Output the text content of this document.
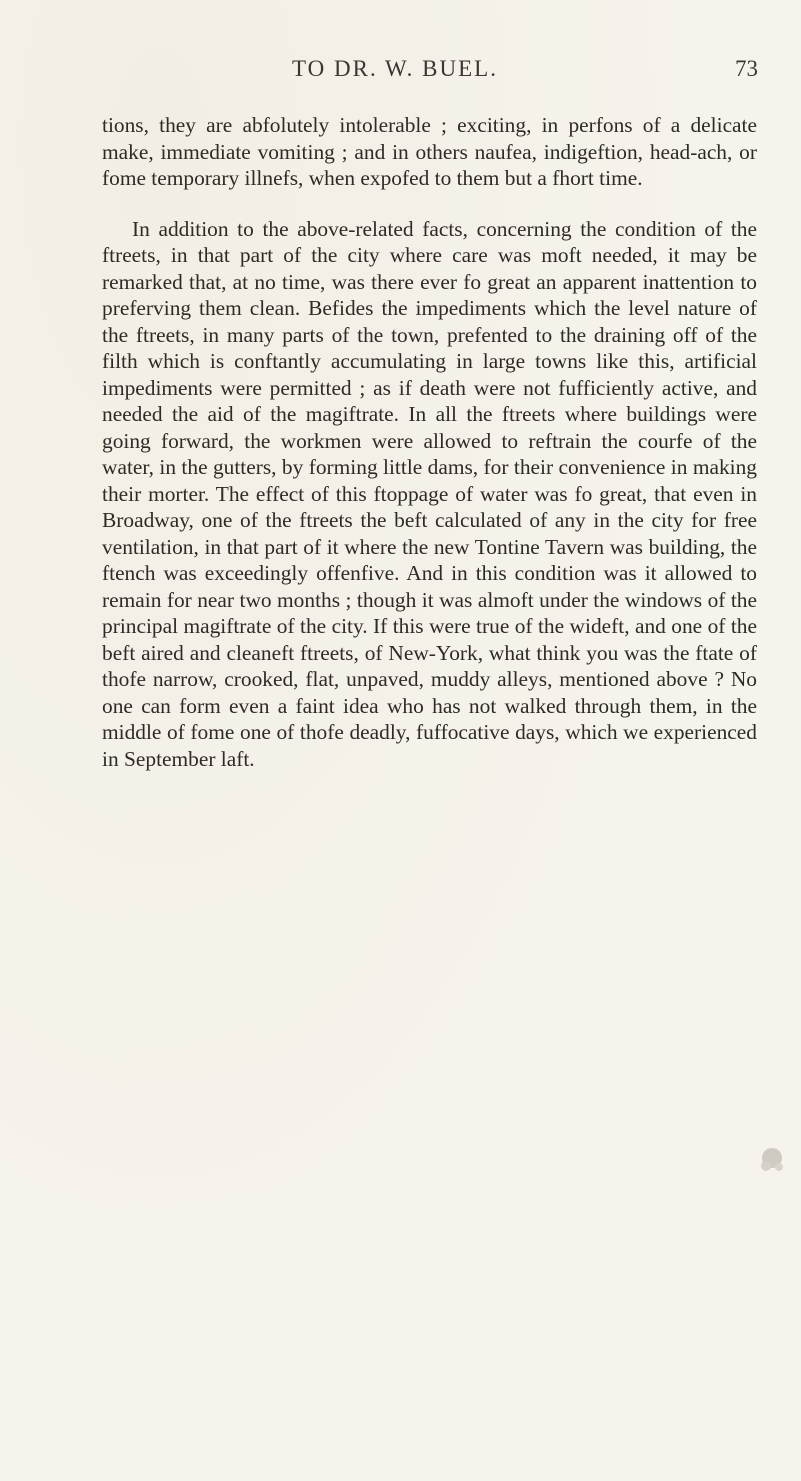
TO DR. W. BUEL.	73

tions, they are abfolutely intolerable ; exciting, in perfons of a delicate make, immediate vomiting ; and in others naufea, indigeftion, head-ach, or fome temporary illnefs, when expofed to them but a fhort time.

In addition to the above-related facts, concerning the condition of the ftreets, in that part of the city where care was moft needed, it may be remarked that, at no time, was there ever fo great an apparent inattention to preferving them clean. Befides the impediments which the level nature of the ftreets, in many parts of the town, prefented to the draining off of the filth which is conftantly accumulating in large towns like this, artificial impediments were permitted ; as if death were not fufficiently active, and needed the aid of the magiftrate. In all the ftreets where buildings were going forward, the workmen were allowed to reftrain the courfe of the water, in the gutters, by forming little dams, for their convenience in making their morter. The effect of this ftoppage of water was fo great, that even in Broadway, one of the ftreets the beft calculated of any in the city for free ventilation, in that part of it where the new Tontine Tavern was building, the ftench was exceedingly offenfive. And in this condition was it allowed to remain for near two months ; though it was almoft under the windows of the principal magiftrate of the city. If this were true of the wideft, and one of the beft aired and cleaneft ftreets, of New-York, what think you was the ftate of thofe narrow, crooked, flat, unpaved, muddy alleys, mentioned above ? No one can form even a faint idea who has not walked through them, in the middle of fome one of thofe deadly, fuffocative days, which we experienced in September laft.
